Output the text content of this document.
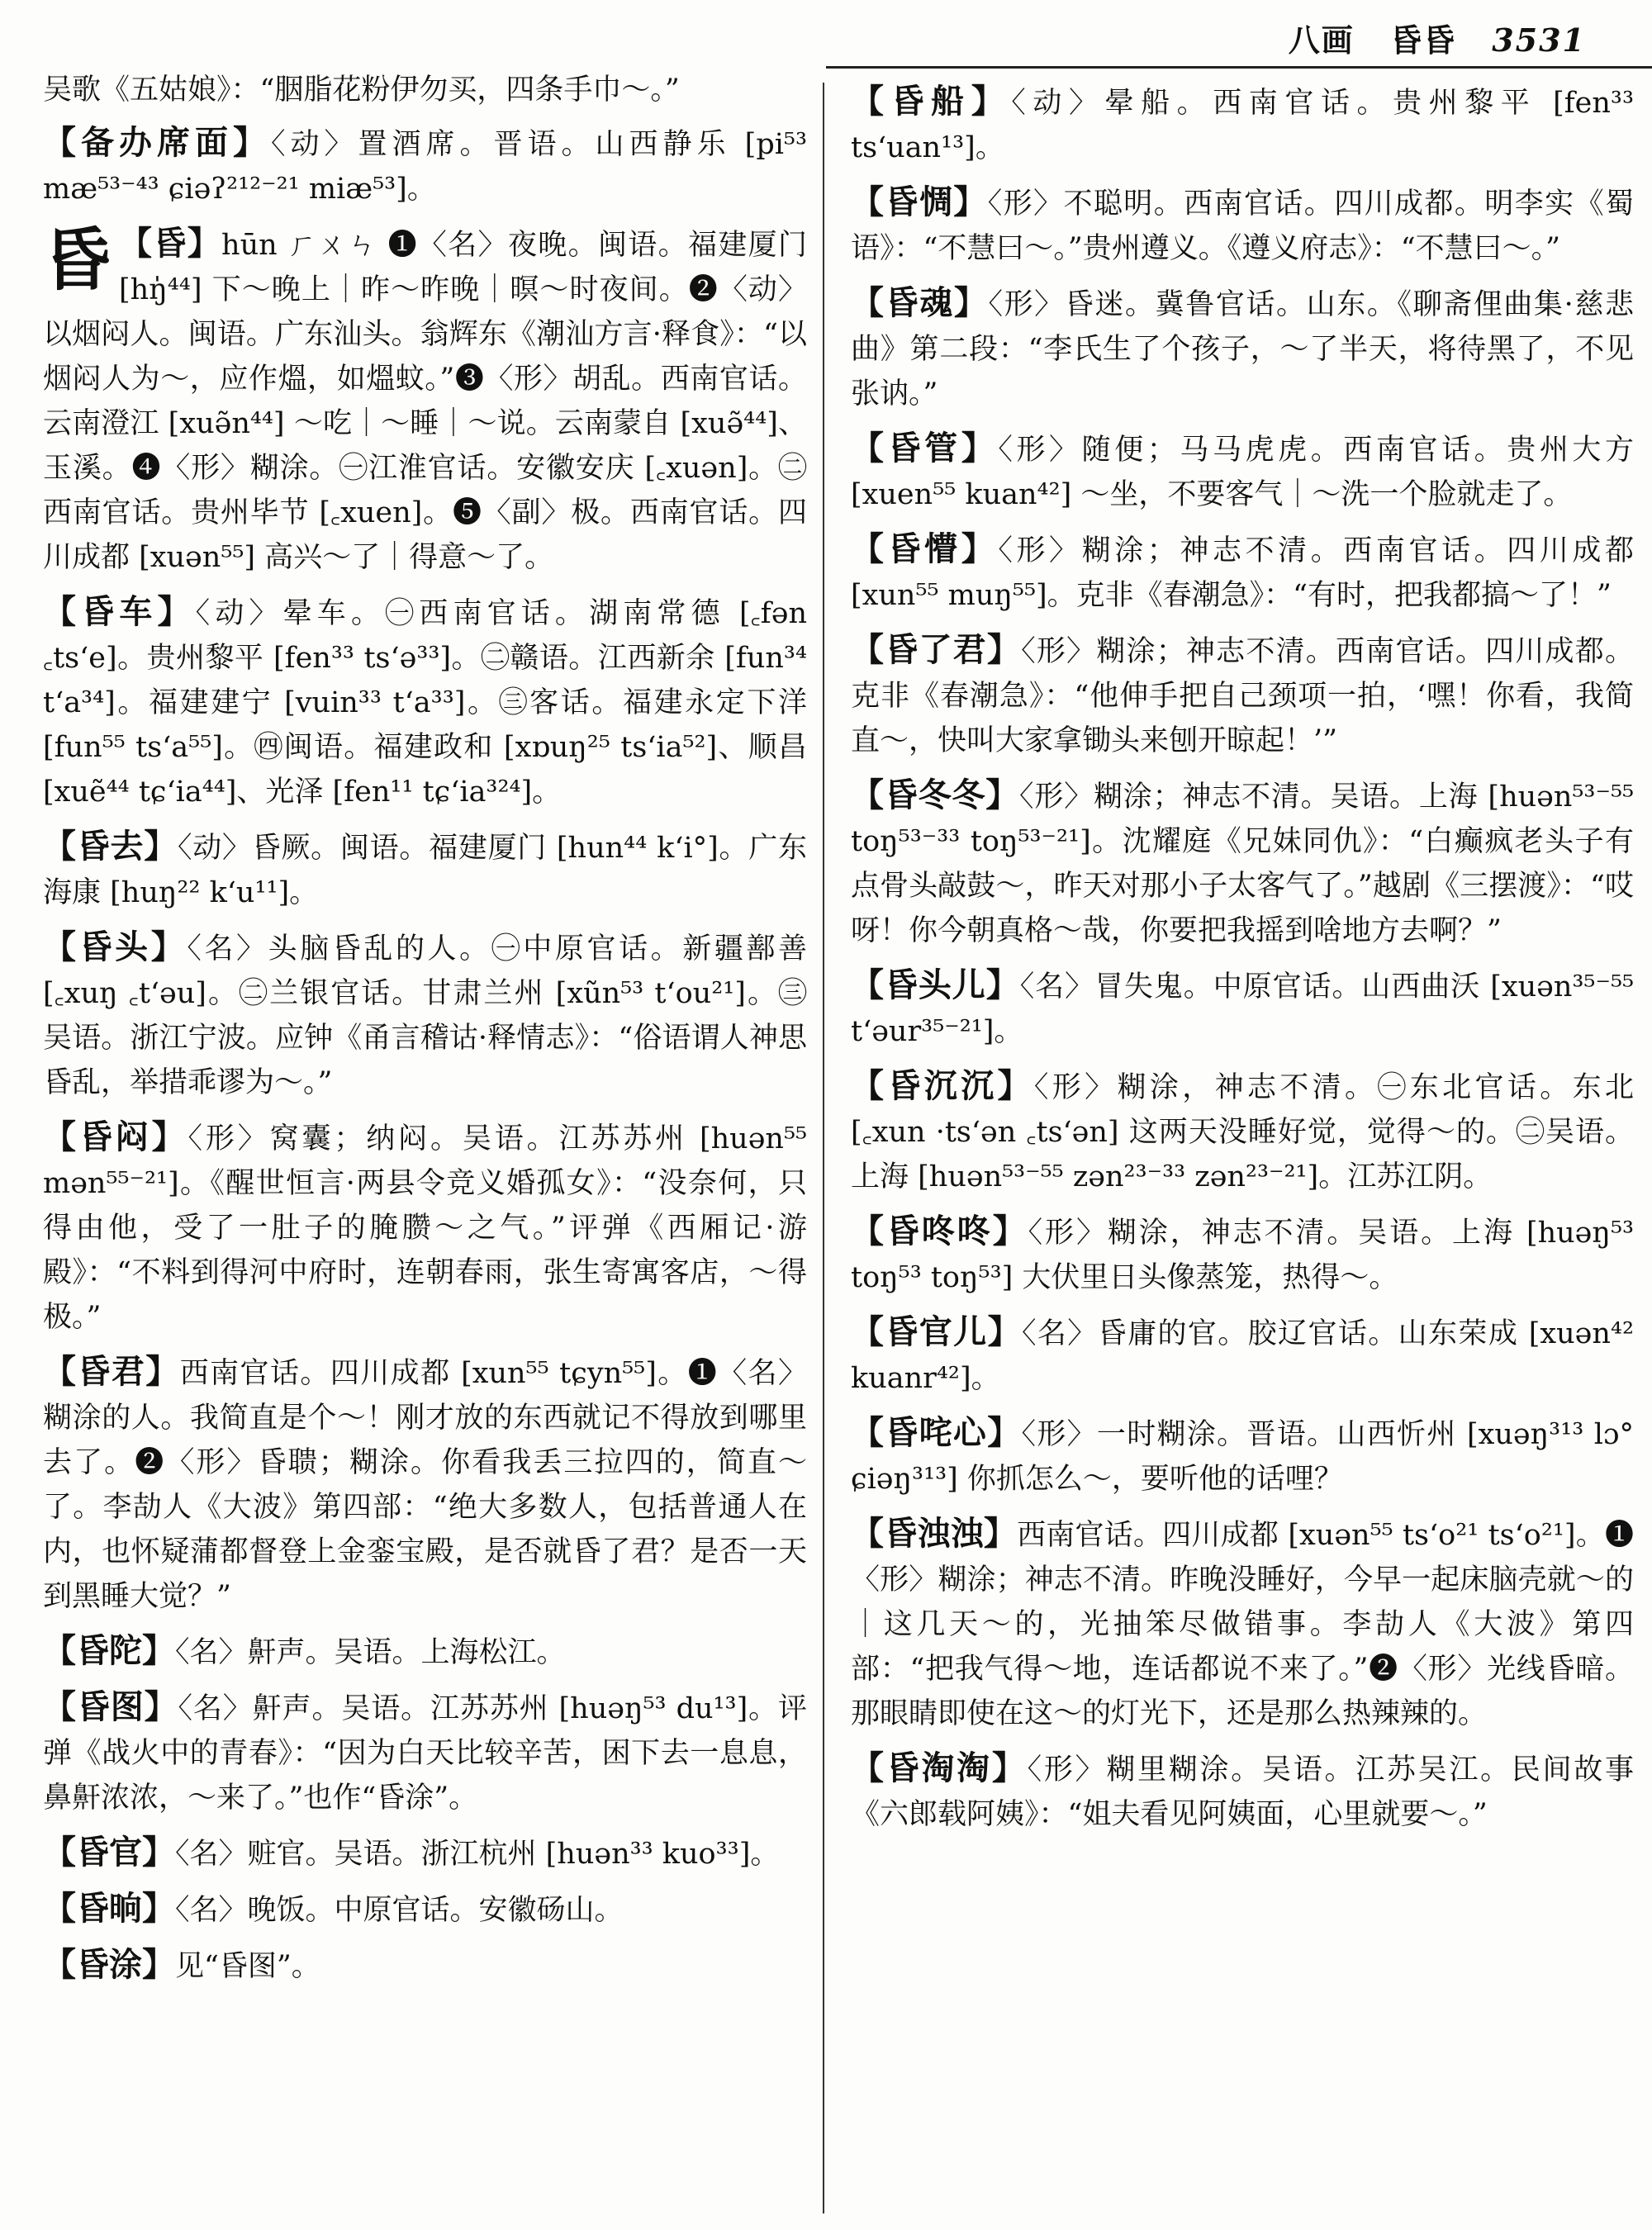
八画 昏昏 3531
吴歌《五姑娘》：“胭脂花粉伊勿买，四条手巾～。”
【备办席面】〈动〉置酒席。晋语。山西静乐 [pi⁵³ mæ⁵³⁻⁴³ ɕiəʔ²¹²⁻²¹ miæ⁵³]。
昏 【昏】hūn ㄏㄨㄣ ❶〈名〉夜晚。闽语。福建厦门 [hŋ̍⁴⁴] 下～晚上｜昨～昨晚｜暝～时夜间。❷〈动〉以烟闷人。闽语。广东汕头。翁辉东《潮汕方言·释食》：“以烟闷人为～，应作熅，如熅蚊。”❸〈形〉胡乱。西南官话。云南澄江 [xuə̃n⁴⁴] ～吃｜～睡｜～说。云南蒙自 [xuə̃⁴⁴]、玉溪。❹〈形〉糊涂。㊀江淮官话。安徽安庆 [꜀xuən]。㊁西南官话。贵州毕节 [꜀xuen]。❺〈副〉极。西南官话。四川成都 [xuən⁵⁵] 高兴～了｜得意～了。
【昏车】〈动〉晕车。㊀西南官话。湖南常德 [꜀fən ꜀ts‘e]。贵州黎平 [fen³³ ts‘ə³³]。㊁赣语。江西新余 [fun³⁴ t‘a³⁴]。福建建宁 [vuin³³ t‘a³³]。㊂客话。福建永定下洋 [fun⁵⁵ ts‘a⁵⁵]。㊃闽语。福建政和 [xɒuŋ²⁵ ts‘ia⁵²]、顺昌 [xuẽ⁴⁴ tɕ‘ia⁴⁴]、光泽 [fen¹¹ tɕ‘ia³²⁴]。
【昏去】〈动〉昏厥。闽语。福建厦门 [hun⁴⁴ k‘i°]。广东海康 [huŋ²² k‘u¹¹]。
【昏头】〈名〉头脑昏乱的人。㊀中原官话。新疆鄯善 [꜀xuŋ ꜀t‘əu]。㊁兰银官话。甘肃兰州 [xũn⁵³ t‘ou²¹]。㊂吴语。浙江宁波。应钟《甬言稽诂·释情志》：“俗语谓人神思昏乱，举措乖谬为～。”
【昏闷】〈形〉窝囊；纳闷。吴语。江苏苏州 [huən⁵⁵ mən⁵⁵⁻²¹]。《醒世恒言·两县令竞义婚孤女》：“没奈何，只得由他，受了一肚子的腌臜～之气。”评弹《西厢记·游殿》：“不料到得河中府时，连朝春雨，张生寄寓客店，～得极。”
【昏君】西南官话。四川成都 [xun⁵⁵ tɕyn⁵⁵]。❶〈名〉糊涂的人。我简直是个～！刚才放的东西就记不得放到哪里去了。❷〈形〉昏聩；糊涂。你看我丢三拉四的，简直～了。李劼人《大波》第四部：“绝大多数人，包括普通人在内，也怀疑蒲都督登上金銮宝殿，是否就昏了君？是否一天到黑睡大觉？”
【昏陀】〈名〉鼾声。吴语。上海松江。
【昏图】〈名〉鼾声。吴语。江苏苏州 [huəŋ⁵³ du¹³]。评弹《战火中的青春》：“因为白天比较辛苦，困下去一息息，鼻鼾浓浓，～来了。”也作“昏涂”。
【昏官】〈名〉赃官。吴语。浙江杭州 [huən³³ kuo³³]。
【昏晌】〈名〉晚饭。中原官话。安徽砀山。
【昏涂】见“昏图”。
【昏船】〈动〉晕船。西南官话。贵州黎平 [fen³³ ts‘uan¹³]。
【昏惆】〈形〉不聪明。西南官话。四川成都。明李实《蜀语》：“不慧曰～。”贵州遵义。《遵义府志》：“不慧曰～。”
【昏魂】〈形〉昏迷。冀鲁官话。山东。《聊斋俚曲集·慈悲曲》第二段：“李氏生了个孩子，～了半天，将待黑了，不见张讷。”
【昏管】〈形〉随便；马马虎虎。西南官话。贵州大方 [xuen⁵⁵ kuan⁴²] ～坐，不要客气｜～洗一个脸就走了。
【昏懵】〈形〉糊涂；神志不清。西南官话。四川成都 [xun⁵⁵ muŋ⁵⁵]。克非《春潮急》：“有时，把我都搞～了！”
【昏了君】〈形〉糊涂；神志不清。西南官话。四川成都。克非《春潮急》：“他伸手把自己颈项一拍，‘嘿！你看，我简直～，快叫大家拿锄头来刨开晾起！’”
【昏冬冬】〈形〉糊涂；神志不清。吴语。上海 [huən⁵³⁻⁵⁵ toŋ⁵³⁻³³ toŋ⁵³⁻²¹]。沈耀庭《兄妹同仇》：“白癫疯老头子有点骨头敲鼓～，昨天对那小子太客气了。”越剧《三摆渡》：“哎呀！你今朝真格～哉，你要把我摇到啥地方去啊？”
【昏头儿】〈名〉冒失鬼。中原官话。山西曲沃 [xuən³⁵⁻⁵⁵ t‘əur³⁵⁻²¹]。
【昏沉沉】〈形〉糊涂，神志不清。㊀东北官话。东北 [꜀xun ·ts‘ən ꜀ts‘ən] 这两天没睡好觉，觉得～的。㊁吴语。上海 [huən⁵³⁻⁵⁵ zən²³⁻³³ zən²³⁻²¹]。江苏江阴。
【昏咚咚】〈形〉糊涂，神志不清。吴语。上海 [huəŋ⁵³ toŋ⁵³ toŋ⁵³] 大伏里日头像蒸笼，热得～。
【昏官儿】〈名〉昏庸的官。胶辽官话。山东荣成 [xuən⁴² kuanr⁴²]。
【昏咤心】〈形〉一时糊涂。晋语。山西忻州 [xuəŋ³¹³ lɔ° ɕiəŋ³¹³] 你抓怎么～，要听他的话哩？
【昏浊浊】西南官话。四川成都 [xuən⁵⁵ ts‘o²¹ ts‘o²¹]。❶〈形〉糊涂；神志不清。昨晚没睡好，今早一起床脑壳就～的｜这几天～的，光抽笨尽做错事。李劼人《大波》第四部：“把我气得～地，连话都说不来了。”❷〈形〉光线昏暗。那眼睛即使在这～的灯光下，还是那么热辣辣的。
【昏淘淘】〈形〉糊里糊涂。吴语。江苏吴江。民间故事《六郎载阿姨》：“姐夫看见阿姨面，心里就要～。”
